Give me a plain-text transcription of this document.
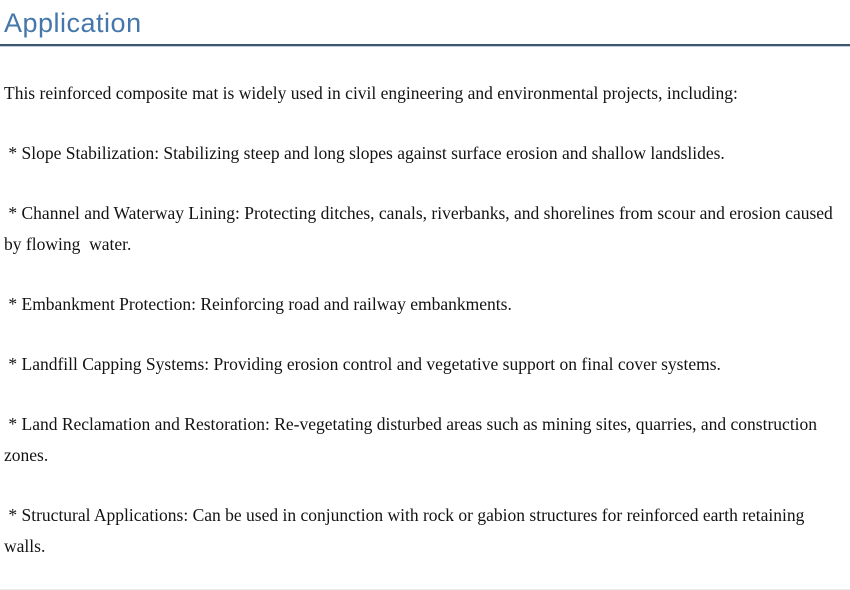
Application

This reinforced composite mat is widely used in civil engineering and environmental projects, including:

* Slope Stabilization: Stabilizing steep and long slopes against surface erosion and shallow landslides.

* Channel and Waterway Lining: Protecting ditches, canals, riverbanks, and shorelines from scour and erosion caused by flowing  water.

* Embankment Protection: Reinforcing road and railway embankments.

* Landfill Capping Systems: Providing erosion control and vegetative support on final cover systems.

* Land Reclamation and Restoration: Re-vegetating disturbed areas such as mining sites, quarries, and construction zones.

* Structural Applications: Can be used in conjunction with rock or gabion structures for reinforced earth retaining walls.
